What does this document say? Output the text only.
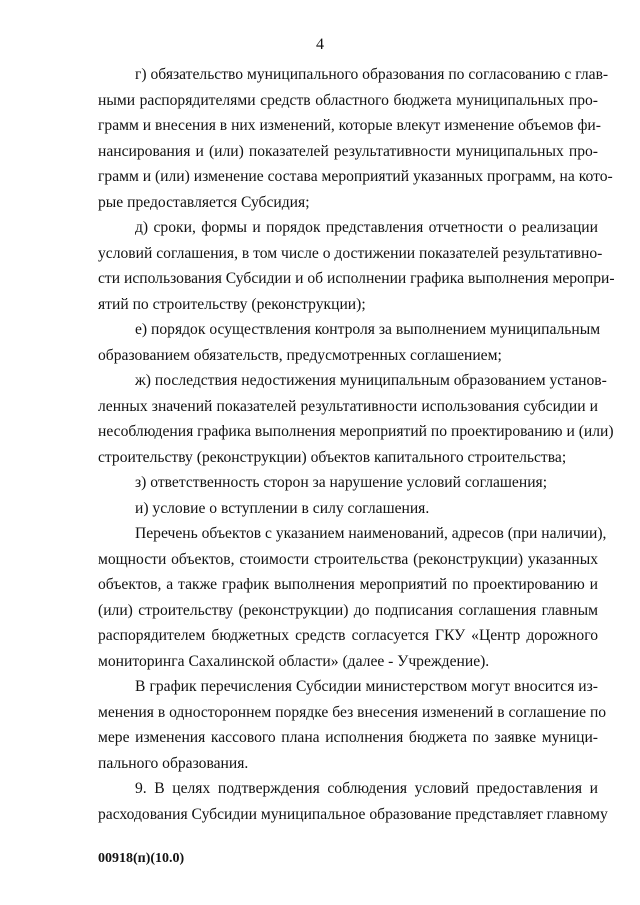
4
г) обязательство муниципального образования по согласованию с глав-
ными распорядителями средств областного бюджета муниципальных про-
грамм и внесения в них изменений, которые влекут изменение объемов фи-
нансирования и (или) показателей результативности муниципальных про-
грамм и (или) изменение состава мероприятий указанных программ, на кото-
рые предоставляется Субсидия;
д) сроки, формы и порядок представления отчетности о реализации
условий соглашения, в том числе о достижении показателей результативно-
сти использования Субсидии и об исполнении графика выполнения меропри-
ятий по строительству (реконструкции);
е) порядок осуществления контроля за выполнением муниципальным
образованием обязательств, предусмотренных соглашением;
ж) последствия недостижения муниципальным образованием установ-
ленных значений показателей результативности использования субсидии и
несоблюдения графика выполнения мероприятий по проектированию и (или)
строительству (реконструкции) объектов капитального строительства;
з) ответственность сторон за нарушение условий соглашения;
и) условие о вступлении в силу соглашения.
Перечень объектов с указанием наименований, адресов (при наличии),
мощности объектов, стоимости строительства (реконструкции) указанных
объектов, а также график выполнения мероприятий по проектированию и
(или) строительству (реконструкции) до подписания соглашения главным
распорядителем бюджетных средств согласуется ГКУ «Центр дорожного
мониторинга Сахалинской области» (далее - Учреждение).
В график перечисления Субсидии министерством могут вносится из-
менения в одностороннем порядке без внесения изменений в соглашение по
мере изменения кассового плана исполнения бюджета по заявке муници-
пального образования.
9. В целях подтверждения соблюдения условий предоставления и
расходования Субсидии муниципальное образование представляет главному
00918(п)(10.0)
